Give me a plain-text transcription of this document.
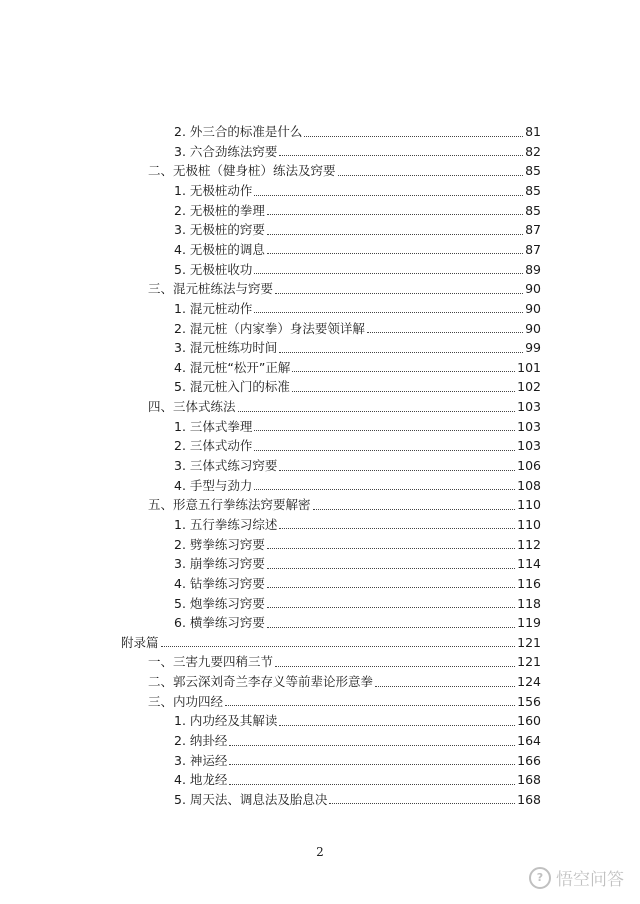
2. 外三合的标准是什么	81
3. 六合劲练法窍要	82
二、无极桩（健身桩）练法及窍要	85
1. 无极桩动作	85
2. 无极桩的拳理	85
3. 无极桩的窍要	87
4. 无极桩的调息	87
5. 无极桩收功	89
三、混元桩练法与窍要	90
1. 混元桩动作	90
2. 混元桩（内家拳）身法要领详解	90
3. 混元桩练功时间	99
4. 混元桩“松开”正解	101
5. 混元桩入门的标准	102
四、三体式练法	103
1. 三体式拳理	103
2. 三体式动作	103
3. 三体式练习窍要	106
4. 手型与劲力	108
五、形意五行拳练法窍要解密	110
1. 五行拳练习综述	110
2. 劈拳练习窍要	112
3. 崩拳练习窍要	114
4. 钻拳练习窍要	116
5. 炮拳练习窍要	118
6. 横拳练习窍要	119
附录篇	121
一、三害九要四稍三节	121
二、郭云深刘奇兰李存义等前辈论形意拳	124
三、内功四经	156
1. 内功经及其解读	160
2. 纳卦经	164
3. 神运经	166
4. 地龙经	168
5. 周天法、调息法及胎息决	168
2
? 悟空问答
